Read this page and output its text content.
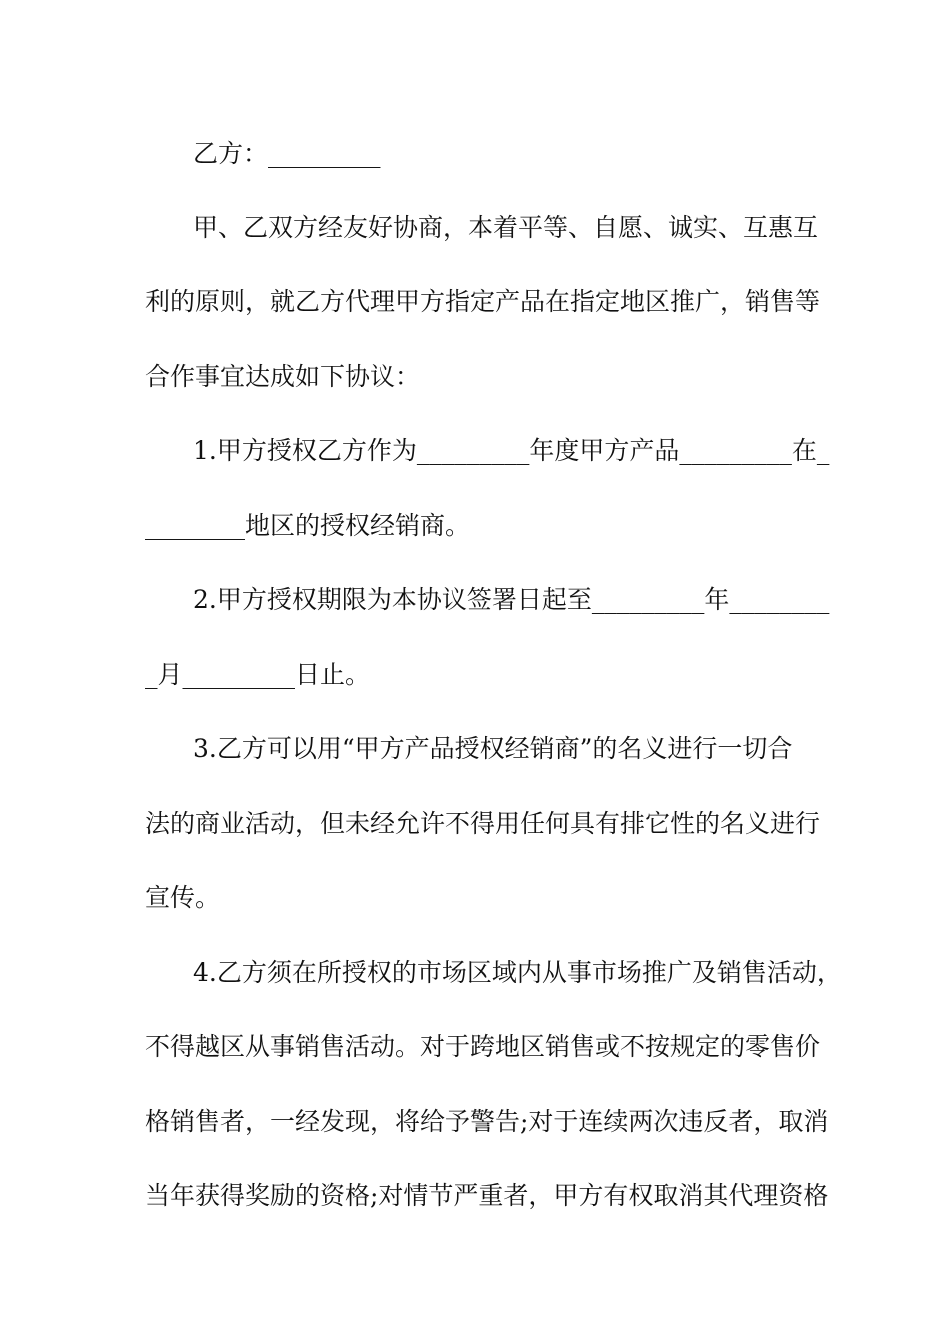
乙方：_________
甲、乙双方经友好协商，本着平等、自愿、诚实、互惠互
利的原则，就乙方代理甲方指定产品在指定地区推广，销售等
合作事宜达成如下协议：
1.甲方授权乙方作为_________年度甲方产品_________在_
________地区的授权经销商。
2.甲方授权期限为本协议签署日起至_________年________
_月_________日止。
3.乙方可以用“甲方产品授权经销商”的名义进行一切合
法的商业活动，但未经允许不得用任何具有排它性的名义进行
宣传。
4.乙方须在所授权的市场区域内从事市场推广及销售活动，
不得越区从事销售活动。对于跨地区销售或不按规定的零售价
格销售者，一经发现，将给予警告;对于连续两次违反者，取消
当年获得奖励的资格;对情节严重者，甲方有权取消其代理资格
